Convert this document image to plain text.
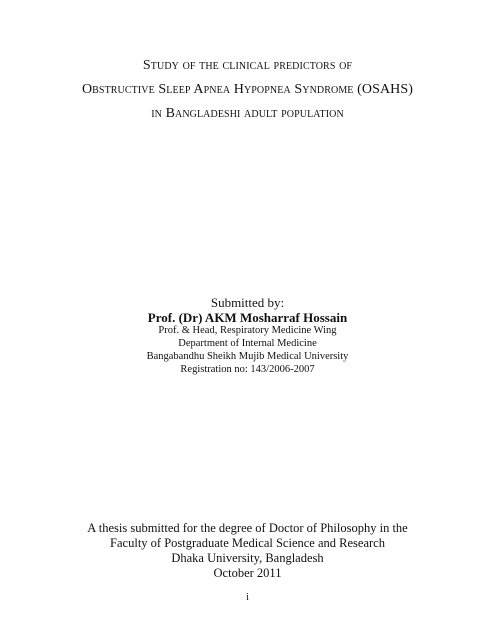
Study of the clinical predictors of
Obstructive Sleep Apnea Hypopnea Syndrome (OSAHS)
in Bangladeshi adult population
Submitted by:
Prof. (Dr) AKM Mosharraf Hossain
Prof. & Head, Respiratory Medicine Wing
Department of Internal Medicine
Bangabandhu Sheikh Mujib Medical University
Registration no: 143/2006-2007
A thesis submitted for the degree of Doctor of Philosophy in the
Faculty of Postgraduate Medical Science and Research
Dhaka University, Bangladesh
October 2011
i
